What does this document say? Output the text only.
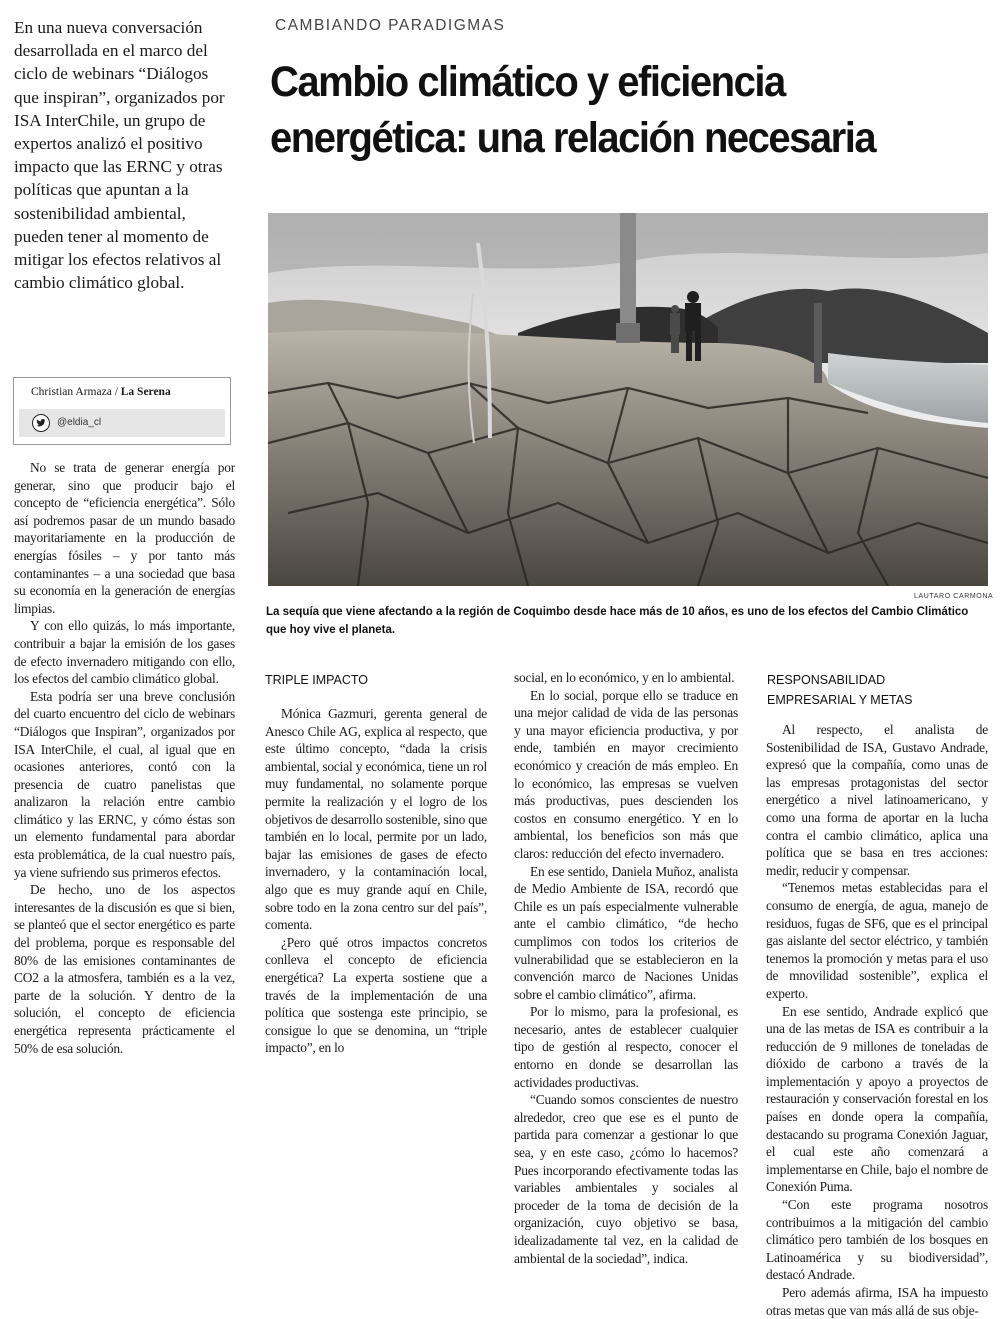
En una nueva conversación desarrollada en el marco del ciclo de webinars “Diálogos que inspiran”, organizados por ISA InterChile, un grupo de expertos analizó el positivo impacto que las ERNC y otras políticas que apuntan a la sostenibilidad ambiental, pueden tener al momento de mitigar los efectos relativos al cambio climático global.

Christian Armaza / La Serena
@eldia_cl

No se trata de generar energía por generar, sino que producir bajo el concepto de “eficiencia energética”. Sólo así podremos pasar de un mundo basado mayoritariamente en la producción de energías fósiles – y por tanto más contaminantes – a una sociedad que basa su economía en la generación de energías limpias.

Y con ello quizás, lo más importante, contribuir a bajar la emisión de los gases de efecto invernadero mitigando con ello, los efectos del cambio climático global.

Esta podría ser una breve conclusión del cuarto encuentro del ciclo de webinars “Diálogos que Inspiran”, organizados por ISA InterChile, el cual, al igual que en ocasiones anteriores, contó con la presencia de cuatro panelistas que analizaron la relación entre cambio climático y las ERNC, y cómo éstas son un elemento fundamental para abordar esta problemática, de la cual nuestro país, ya viene sufriendo sus primeros efectos.

De hecho, uno de los aspectos interesantes de la discusión es que si bien, se planteó que el sector energético es parte del problema, porque es responsable del 80% de las emisiones contaminantes de CO2 a la atmosfera, también es a la vez, parte de la solución. Y dentro de la solución, el concepto de eficiencia energética representa prácticamente el 50% de esa solución.

CAMBIANDO PARADIGMAS
Cambio climático y eficiencia energética: una relación necesaria
LAUTARO CARMONA
La sequía que viene afectando a la región de Coquimbo desde hace más de 10 años, es uno de los efectos del Cambio Climático que hoy vive el planeta.
TRIPLE IMPACTO

Mónica Gazmuri, gerenta general de Anesco Chile AG, explica al respecto, que este último concepto, “dada la crisis ambiental, social y económica, tiene un rol muy fundamental, no solamente porque permite la realización y el logro de los objetivos de desarrollo sostenible, sino que también en lo local, permite por un lado, bajar las emisiones de gases de efecto invernadero, y la contaminación local, algo que es muy grande aquí en Chile, sobre todo en la zona centro sur del país”, comenta.

¿Pero qué otros impactos concretos conlleva el concepto de eficiencia energética? La experta sostiene que a través de la implementación de una política que sostenga este principio, se consigue lo que se denomina, un “triple impacto”, en lo

social, en lo económico, y en lo ambiental.

En lo social, porque ello se traduce en una mejor calidad de vida de las personas y una mayor eficiencia productiva, y por ende, también en mayor crecimiento económico y creación de más empleo. En lo económico, las empresas se vuelven más productivas, pues descienden los costos en consumo energético. Y en lo ambiental, los beneficios son más que claros: reducción del efecto invernadero.

En ese sentido, Daniela Muñoz, analista de Medio Ambiente de ISA, recordó que Chile es un país especialmente vulnerable ante el cambio climático, “de hecho cumplimos con todos los criterios de vulnerabilidad que se establecieron en la convención marco de Naciones Unidas sobre el cambio climático”, afirma.

Por lo mismo, para la profesional, es necesario, antes de establecer cualquier tipo de gestión al respecto, conocer el entorno en donde se desarrollan las actividades productivas.

“Cuando somos conscientes de nuestro alrededor, creo que ese es el punto de partida para comenzar a gestionar lo que sea, y en este caso, ¿cómo lo hacemos? Pues incorporando efectivamente todas las variables ambientales y sociales al proceder de la toma de decisión de la organización, cuyo objetivo se basa, idealizadamente tal vez, en la calidad de ambiental de la sociedad”, indica.

RESPONSABILIDAD
EMPRESARIAL Y METAS

Al respecto, el analista de Sostenibilidad de ISA, Gustavo Andrade, expresó que la compañía, como unas de las empresas protagonistas del sector energético a nivel latinoamericano, y como una forma de aportar en la lucha contra el cambio climático, aplica una política que se basa en tres acciones: medir, reducir y compensar.

“Tenemos metas establecidas para el consumo de energía, de agua, manejo de residuos, fugas de SF6, que es el principal gas aislante del sector eléctrico, y también tenemos la promoción y metas para el uso de mnovilidad sostenible”, explica el experto.

En ese sentido, Andrade explicó que una de las metas de ISA es contribuir a la reducción de 9 millones de toneladas de dióxido de carbono a través de la implementación y apoyo a proyectos de restauración y conservación forestal en los países en donde opera la compañía, destacando su programa Conexión Jaguar, el cual este año comenzará a implementarse en Chile, bajo el nombre de Conexión Puma.

“Con este programa nosotros contribuimos a la mitigación del cambio climático pero también de los bosques en Latinoamérica y su biodiversidad”, destacó Andrade.

Pero además afirma, ISA ha impuesto otras metas que van más allá de sus obje-
